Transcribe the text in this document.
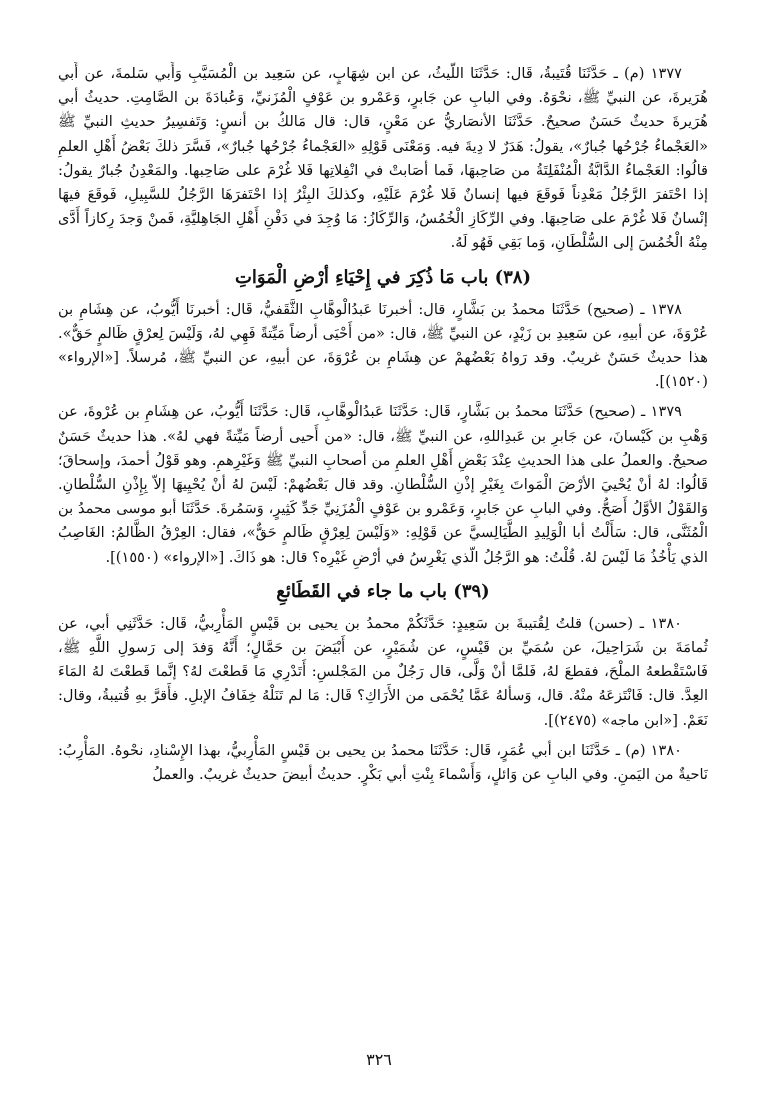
١٣٧٧ (م) ـ حَدَّثَنَا قُتَيبةُ، قَال: حَدَّثَنَا اللَّيثُ، عن ابن شِهَابٍ، عن سَعِيد بن الْمُسَيَّبِ وَأَبي سَلمةَ، عن أَبي هُرَيرةَ، عن النبيِّ ﷺ، نحْوَهُ. وفي البابِ عن جَابرٍ، وَعَمْرو بن عَوْفٍ الْمُزَنيِّ، وَعُبادَةَ بن الصَّامِتِ. حديثُ أبي هُرَيرةَ حديثٌ حَسَنٌ صحيحٌ. حَدَّثَنَا الأنصَاريُّ عن مَعْنٍ، قال: قال مَالكُ بن أنسٍ: وَتَفسِيرُ حديثِ النبيِّ ﷺ «العَجْماءُ جُرْحُها جُبارٌ»، يقولُ: هَدَرٌ لا دِيةَ فيه. وَمَعْنَى قَوْلِهِ «العَجْماءُ جُرْحُها جُبارٌ»، فَسَّرَ ذلكَ بَعْضُ أَهْلِ العلمِ قالُوا: العَجْماءُ الدَّابَّةُ الْمُنْفَلِتَةُ من صَاحِبهَا، فَما أصَابتْ في انْفِلاتِها فَلا غُرْمَ على صَاحِبها. والمَعْدِنُ جُبارٌ يقولُ: إذا احْتَفرَ الرَّجُلُ مَعْدِناً فَوقَعَ فيها إنسانٌ فَلا غُرْمَ عَلَيْهِ، وكذلكَ البِئْرُ إذا احْتَفرَهَا الرَّجُلُ للسَّبِيلِ، فَوقَعَ فيهَا إنْسانٌ فَلا غُرْمَ على صَاحِبهَا. وفي الرِّكَازِ الْخُمُسُ، وَالرِّكَازُ: مَا وُجِدَ في دَفْنِ أَهْلِ الجَاهِليَّةِ، فَمنْ وَجدَ رِكازاً أَدَّى مِنْهُ الْخُمُسَ إلى السُّلْطَانِ، وَما بَقِي فَهُو لَهُ.

(٣٨) باب مَا ذُكِرَ في إِحْيَاءِ أرْضِ الْمَوَاتِ

١٣٧٨ ـ (صحيح) حَدَّثَنَا محمدُ بن بَشَّارٍ، قال: أخبرنَا عَبدُالْوهَّابِ الثَّقَفيُّ، قَال: أخبرنَا أَيُّوبُ، عن هِشَامِ بن عُرْوَةَ، عن أبيهِ، عن سَعِيدِ بن زَيْدٍ، عن النبيِّ ﷺ، قال: «من أَحْيَى أرضاً مَيِّتةً فَهِي لهُ، وَلَيْسَ لِعرْقٍ ظَالمٍ حَقٌّ». هذا حديثٌ حَسَنٌ غريبٌ. وقد رَواهُ بَعْضُهمْ عن هِشَامِ بن عُرْوَةَ، عن أبيهِ، عن النبيِّ ﷺ، مُرسلاً. [«الإرواء» (١٥٢٠)].

١٣٧٩ ـ (صحيح) حَدَّثَنَا محمدُ بن بَشَّارٍ، قَال: حَدَّثَنَا عَبدُالْوهَّابِ، قَال: حَدَّثَنَا أَيُّوبُ، عن هِشَامِ بن عُرْوةَ، عن وَهْبِ بن كَيْسانَ، عن جَابرِ بن عَبدِاللهِ، عن النبيِّ ﷺ، قال: «من أَحيى أرضاً مَيِّتةً فهي لهُ». هذا حديثٌ حَسَنٌ صحيحٌ. والعملُ على هذا الحديثِ عِنْدَ بَعْضِ أَهْلِ العلمِ من أصحابِ النبيِّ ﷺ وَغَيْرِهمِ. وهو قَوْلُ أحمدَ، وإسحاقَ؛ قَالُوا: لهُ أنْ يُحْييَ الأرْضَ الْمَواتَ بِغَيْرِ إذْنِ السُّلْطانِ. وقد قال بَعْضُهمْ: لَيْسَ لهُ أنْ يُحْيِيهَا إلاّ بِإِذْنِ السُّلْطانِ. وَالقَوْلُ الأوَّلُ أَصَحُّ. وفي البابِ عن جَابرٍ، وَعَمْرو بن عَوْفٍ الْمُزَنِيِّ جَدِّ كَثِيرٍ، وَسَمُرةَ. حَدَّثَنَا أبو موسى محمدُ بن الْمُثَنَّى، قال: سَأَلْتُ أبا الْوَلِيدِ الطَّيَالِسيَّ عن قَوْلِهِ: «وَلَيْسَ لِعِرْقٍ ظَالمٍ حَقٌّ»، فقال: العِرْقُ الظَّالمُ: الغَاصِبُ الذي يَأْخُذُ مَا لَيْسَ لهُ. قُلْتُ: هو الرَّجُلُ الّذي يَغْرِسُ في أرْضِ غَيْرِه؟ قال: هو ذَاكَ. [«الإرواء» (١٥٥٠)].

(٣٩) باب ما جاء في القَطَائعِ

١٣٨٠ ـ (حسن) قلتُ لِقُتيبةَ بن سَعِيدٍ: حَدَّثَكُمْ محمدُ بن يحيى بن قَيْسٍ المَأْرِبيُّ، قَال: حَدَّثَنِي أبي، عن ثُمامَةَ بن شَرَاحِيلَ، عن سُمَيِّ بن قَيْسٍ، عن شُمَيْرٍ، عن أَبْيَضَ بن حَمَّالٍ؛ أَنَّهُ وَفدَ إلى رَسولِ اللَّهِ ﷺ، فَاسْتَقْطعهُ الملْحَ، فقطعَ لهُ، فَلمَّا أنْ وَلَّى، قال رَجُلٌ من المَجْلسِ: أَتَدْرِي مَا قَطعْتَ لهُ؟ إنَّما قَطعْتَ لهُ المَاءَ العِدَّ. قال: فَانْتَزعَهُ منْهُ. قال، وَسألهُ عَمَّا يُحْمَى من الأَرَاكِ؟ قَال: مَا لم تَنَلْهُ خِفَافُ الإبلِ. فأَقرَّ بهِ قُتيبةُ، وقال: نَعَمْ. [«ابن ماجه» (٢٤٧٥)].

١٣٨٠ (م) ـ حَدَّثَنَا ابن أبي عُمَرٍ، قَال: حَدَّثَنَا محمدُ بن يحيى بن قَيْسٍ المَأْرِبيُّ، بهذا الإِسْنادِ، نحْوهُ. المَأْرِبُ: نَاحيةٌ من اليَمنِ. وفي البابِ عن وَائلٍ، وَأَسْماءَ بِنْتِ أبي بَكْرٍ. حديثُ أبيضَ حديثٌ غريبٌ. والعملُ

٣٢٦
